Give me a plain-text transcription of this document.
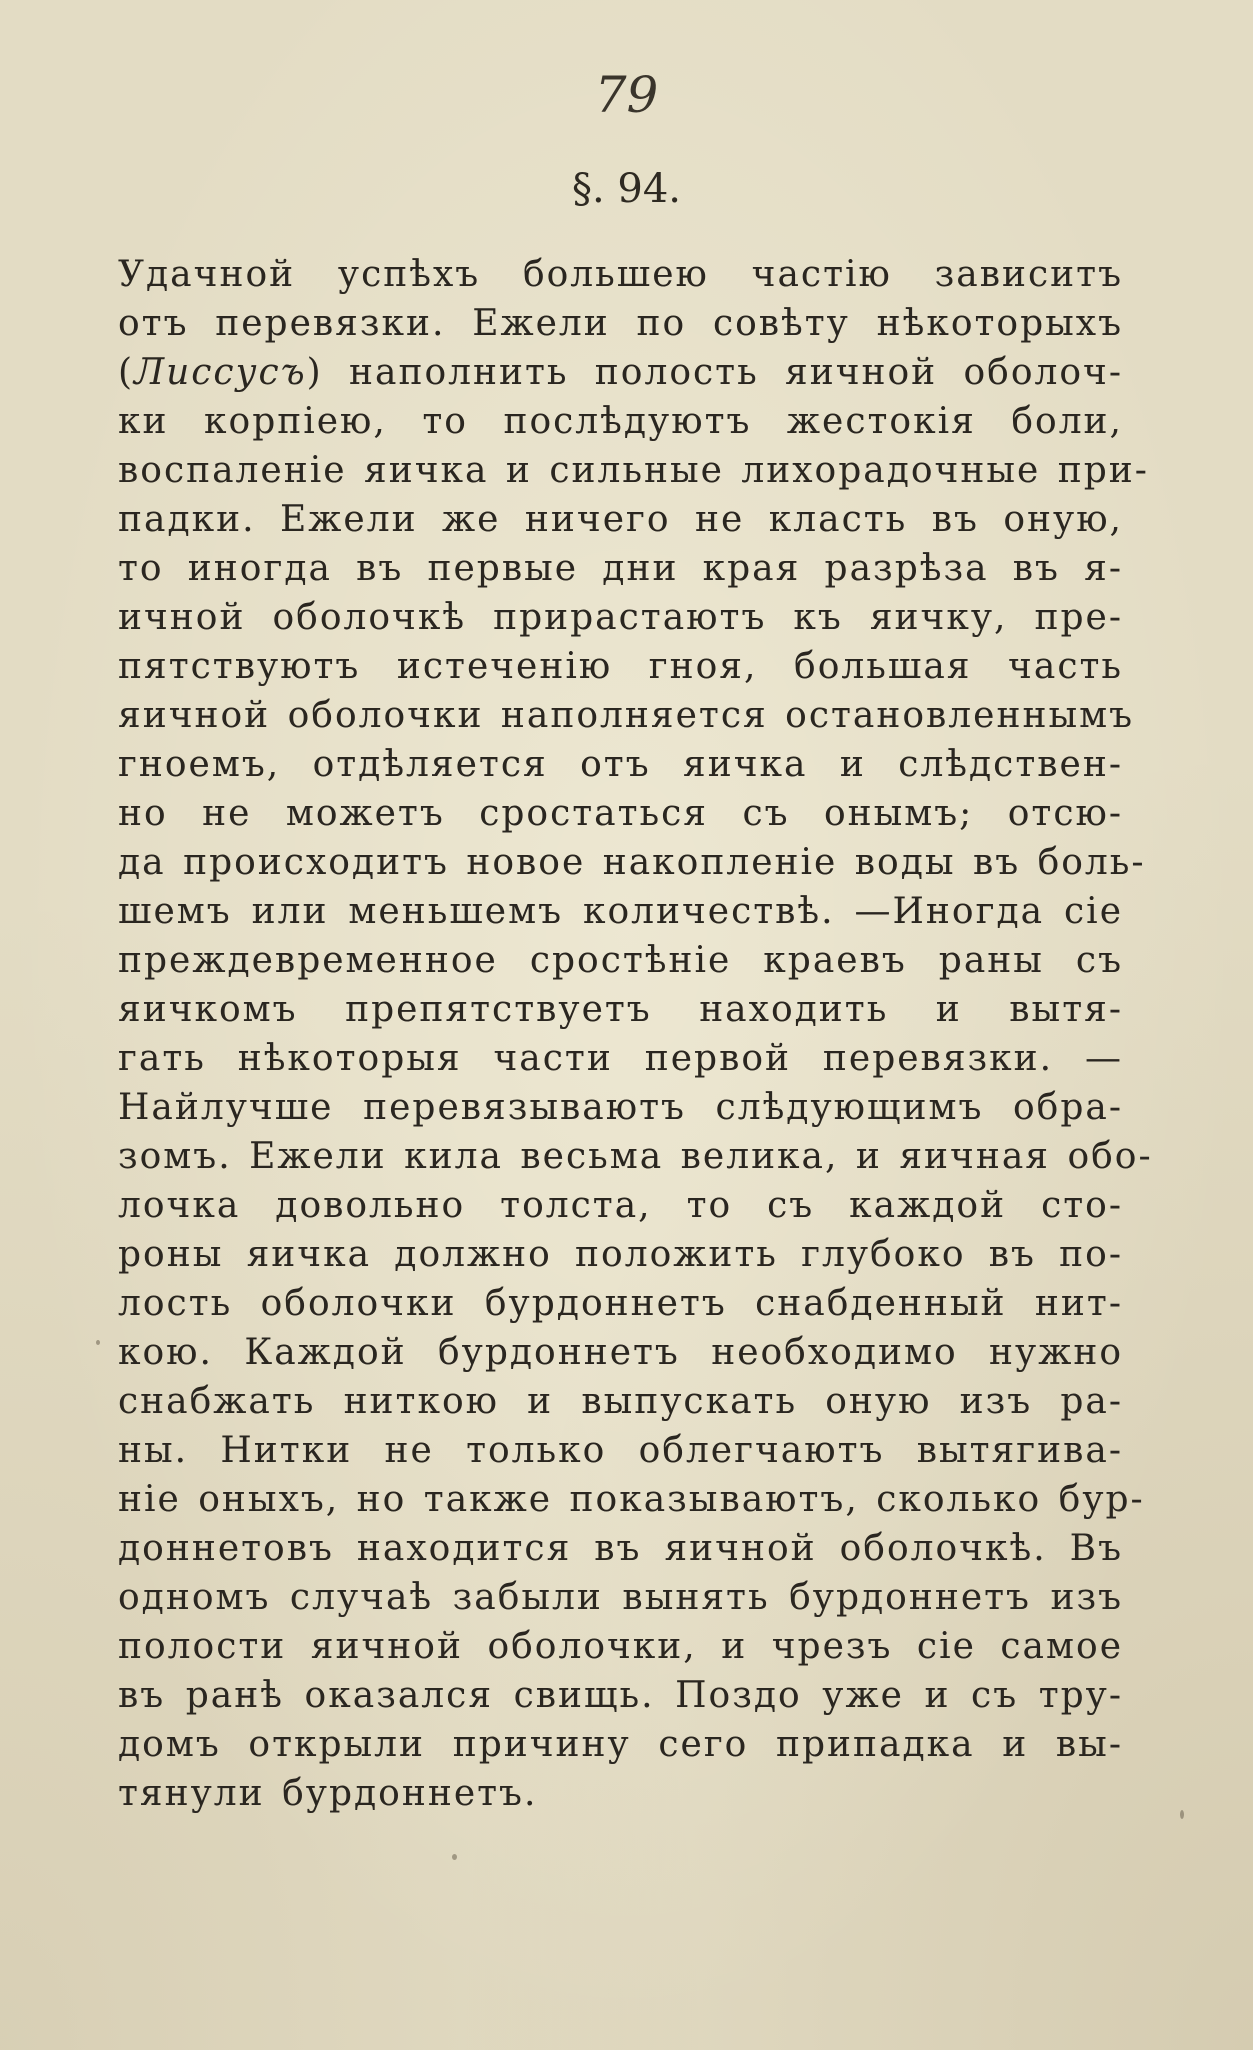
79
§. 94.
Удачной успѣхъ большею частiю зависитъ
отъ перевязки. Ежели по совѣту нѣкоторыхъ
(Лиссусъ) наполнить полость яичной оболоч-
ки корпiею, то послѣдуютъ жестокiя боли,
воспаленiе яичка и сильные лихорадочные при-
падки. Ежели же ничего не класть въ оную,
то иногда въ первые дни края разрѣза въ я-
ичной оболочкѣ прирастаютъ къ яичку, пре-
пятствуютъ истеченiю гноя, большая часть
яичной оболочки наполняется остановленнымъ
гноемъ, отдѣляется отъ яичка и слѣдствен-
но не можетъ сростаться съ онымъ; отсю-
да происходитъ новое накопленiе воды въ боль-
шемъ или меньшемъ количествѣ. —Иногда сiе
преждевременное сростѣнiе краевъ раны съ
яичкомъ препятствуетъ находить и вытя-
гать нѣкоторыя части первой перевязки. —
Найлучше перевязываютъ слѣдующимъ обра-
зомъ. Ежели кила весьма велика, и яичная обо-
лочка довольно толста, то съ каждой сто-
роны яичка должно положить глубоко въ по-
лость оболочки бурдоннетъ снабденный нит-
кою. Каждой бурдоннетъ необходимо нужно
снабжать ниткою и выпускать оную изъ ра-
ны. Нитки не только облегчаютъ вытягива-
нiе оныхъ, но также показываютъ, сколько бур-
доннетовъ находится въ яичной оболочкѣ. Въ
одномъ случаѣ забыли вынять бурдоннетъ изъ
полости яичной оболочки, и чрезъ сiе самое
въ ранѣ оказался свищь. Поздо уже и съ тру-
домъ открыли причину сего припадка и вы-
тянули бурдоннетъ.
